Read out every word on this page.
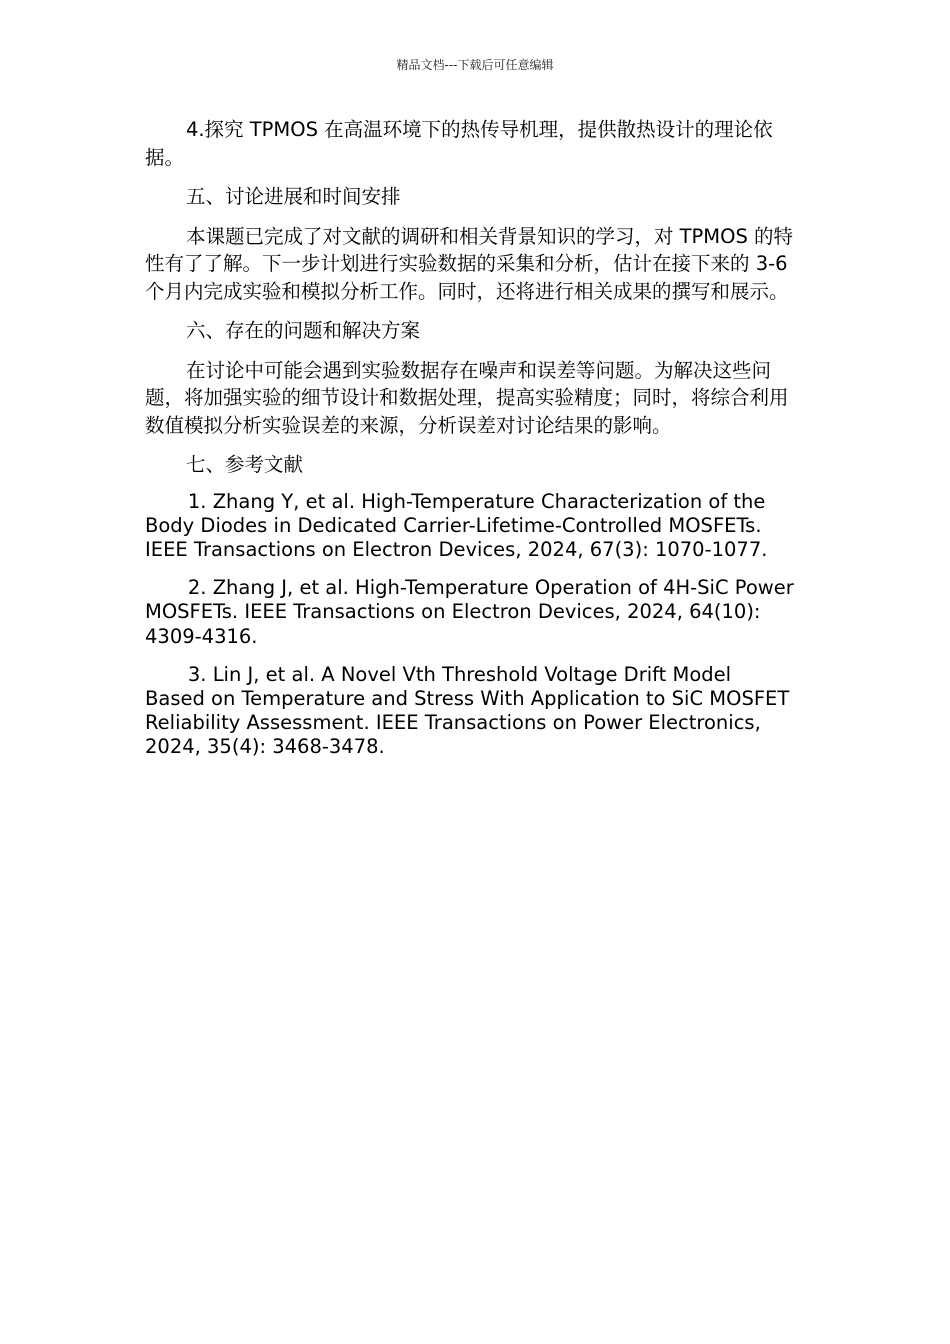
精品文档---下载后可任意编辑

4.探究 TPMOS 在高温环境下的热传导机理，提供散热设计的理论依据。

五、讨论进展和时间安排

本课题已完成了对文献的调研和相关背景知识的学习，对 TPMOS 的特性有了了解。下一步计划进行实验数据的采集和分析，估计在接下来的 3-6 个月内完成实验和模拟分析工作。同时，还将进行相关成果的撰写和展示。

六、存在的问题和解决方案

在讨论中可能会遇到实验数据存在噪声和误差等问题。为解决这些问题，将加强实验的细节设计和数据处理，提高实验精度；同时，将综合利用数值模拟分析实验误差的来源，分析误差对讨论结果的影响。

七、参考文献

1. Zhang Y, et al. High-Temperature Characterization of the Body Diodes in Dedicated Carrier-Lifetime-Controlled MOSFETs. IEEE Transactions on Electron Devices, 2024, 67(3): 1070-1077.

2. Zhang J, et al. High-Temperature Operation of 4H-SiC Power MOSFETs. IEEE Transactions on Electron Devices, 2024, 64(10): 4309-4316.

3. Lin J, et al. A Novel Vth Threshold Voltage Drift Model Based on Temperature and Stress With Application to SiC MOSFET Reliability Assessment. IEEE Transactions on Power Electronics, 2024, 35(4): 3468-3478.
